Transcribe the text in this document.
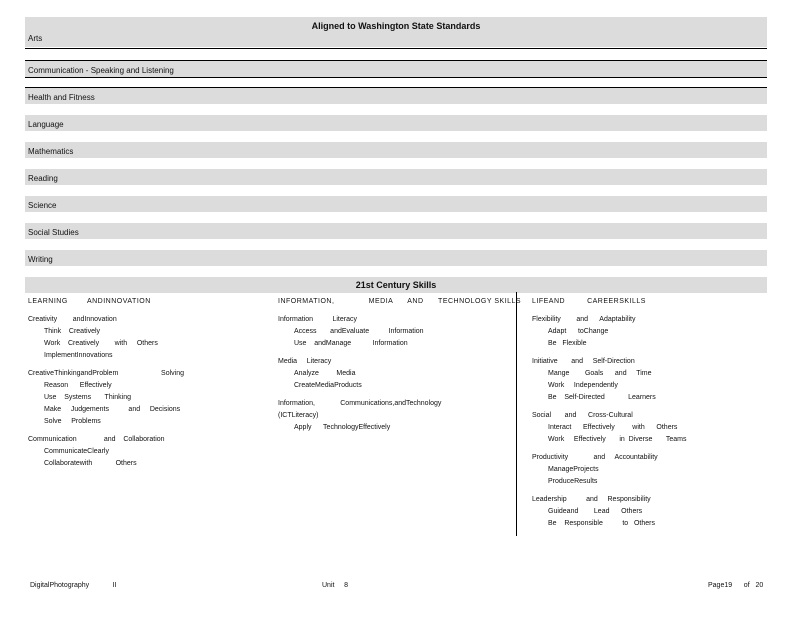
Aligned to Washington State Standards
Arts
Communication - Speaking and Listening
Health and Fitness
Language
Mathematics
Reading
Science
Social Studies
Writing
21st Century Skills
LEARNING        ANDINNOVATION
Creativity        andInnovation
Think    Creatively
Work    Creatively        with     Others
ImplementInnovations
CreativeThinkingandProblem                      Solving
Reason      Effectively
Use    Systems       Thinking
Make     Judgements          and     Decisions
Solve     Problems
Communication              and    Collaboration
CommunicateClearly
Collaboratewith            Others
INFORMATION,              MEDIA      AND      TECHNOLOGY SKILLS
Information          Literacy
Access       andEvaluate          Information
Use    andManage           Information
Media     Literacy
Analyze         Media
CreateMediaProducts
Information,             Communications,andTechnology
(ICTLiteracy)
Apply      TechnologyEffectively
LIFEAND         CAREERSKILLS
Flexibility        and      Adaptability
Adapt      toChange
Be   Flexible
Initiative       and     Self-Direction
Mange        Goals      and     Time
Work     Independently
Be    Self-Directed            Learners
Social       and      Cross-Cultural
Interact      Effectively         with      Others
Work     Effectively       in  Diverse       Teams
Productivity             and     Accountability
ManageProjects
ProduceResults
Leadership          and     Responsibility
Guideand        Lead      Others
Be    Responsible          to   Others
DigitalPhotography            II	Unit     8	Page19      of   20
